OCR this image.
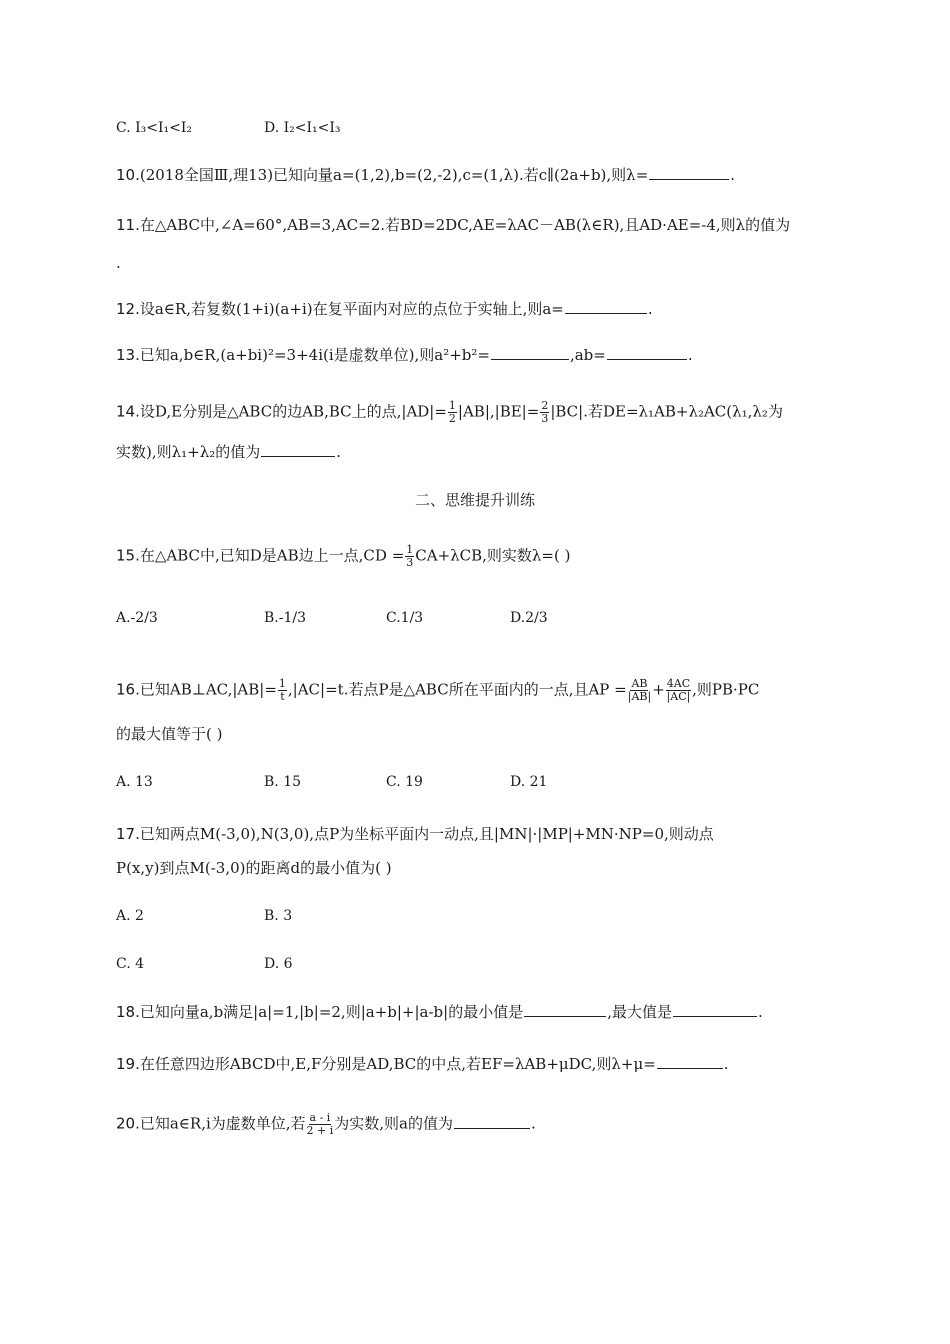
C. I₃<I₁<I₂	D. I₂<I₁<I₃
10.(2018全国Ⅲ,理13)已知向量a=(1,2),b=(2,-2),c=(1,λ).若c∥(2a+b),则λ=	.
11.在△ABC中,∠A=60°,AB=3,AC=2.若BD=2DC,AE=λAC－AB(λ∈R),且AD·AE=-4,则λ的值为
.
12.设a∈R,若复数(1+i)(a+i)在复平面内对应的点位于实轴上,则a=	.
13.已知a,b∈R,(a+bi)²=3+4i(i是虚数单位),则a²+b²=	,ab=	.
14.设D,E分别是△ABC的边AB,BC上的点$,|AD|= \frac{1}{2} |AB|,|BE|= \frac{2}{3} |BC|$.若DE=λ₁AB+λ₂AC(λ₁,λ₂为
实数),则λ₁+λ₂的值为	.
二、思维提升训练
15.在△ABC中,已知D是AB边上一点$,CD = \frac{1}{3} CA+\lambda CB$,则实数λ=( )
A.-2/3	B.-1/3	C.1/3	D.2/3
16.已知AB⊥AC,|AB|= $\frac{1}{t} ,|AC|=t$.若点P是△ABC所在平面内的一点,且AP = $\frac{AB}{|AB|} + \frac{4AC}{|AC|}$ ,则PB·PC
的最大值等于( )
A. 13	B. 15	C. 19	D. 21
17.已知两点M(-3,0),N(3,0),点P为坐标平面内一动点,且|MN|·|MP|+MN·NP=0,则动点
P(x,y)到点M(-3,0)的距离d的最小值为( )
A. 2	B. 3
C. 4	D. 6
18.已知向量a,b满足|a|=1,|b|=2,则|a+b|+|a-b|的最小值是	,最大值是	.
19.在任意四边形ABCD中,E,F分别是AD,BC的中点,若EF=λAB+μDC,则λ+μ=	.
20.已知a∈R,i为虚数单位,若 $\frac{a - i}{2 + i}$ 为实数,则a的值为	.
